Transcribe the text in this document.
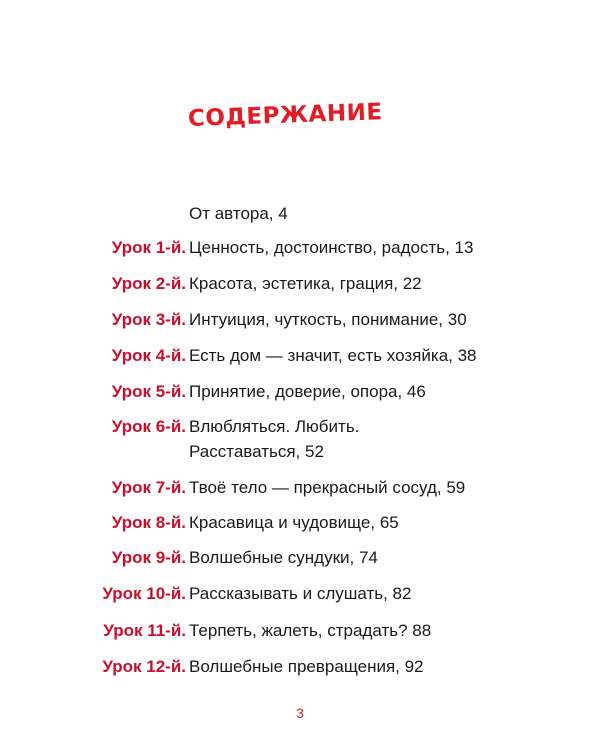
СОДЕРЖАНИЕ
От автора, 4
Урок 1-й. Ценность, достоинство, радость, 13
Урок 2-й. Красота, эстетика, грация, 22
Урок 3-й. Интуиция, чуткость, понимание, 30
Урок 4-й. Есть дом — значит, есть хозяйка, 38
Урок 5-й. Принятие, доверие, опора, 46
Урок 6-й. Влюбляться. Любить.
Расставаться, 52
Урок 7-й. Твоё тело — прекрасный сосуд, 59
Урок 8-й. Красавица и чудовище, 65
Урок 9-й. Волшебные сундуки, 74
Урок 10-й. Рассказывать и слушать, 82
Урок 11-й. Терпеть, жалеть, страдать? 88
Урок 12-й. Волшебные превращения, 92
3
